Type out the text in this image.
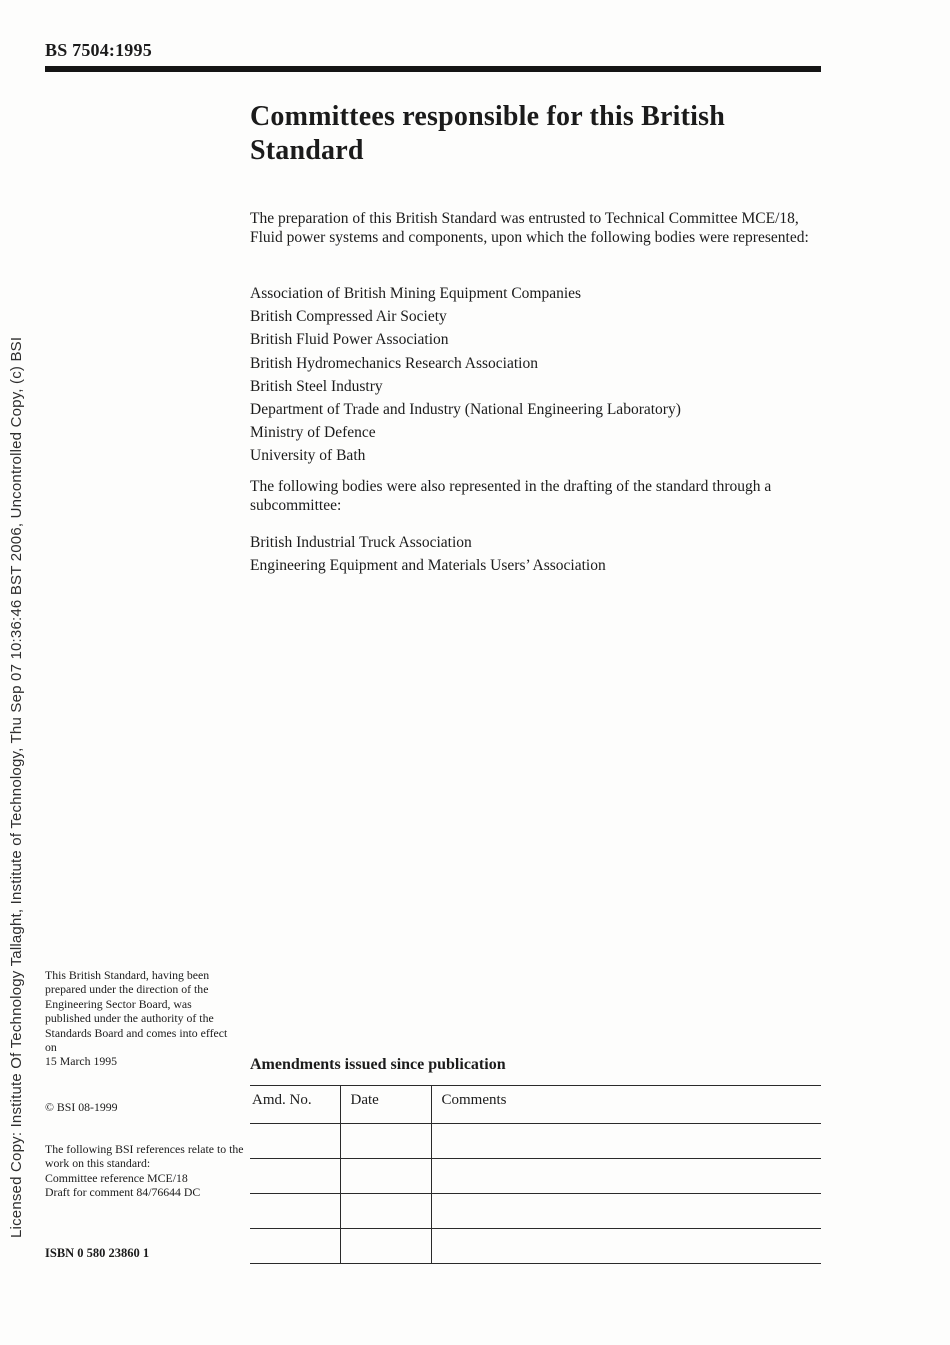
BS 7504:1995
Licensed Copy: Institute Of Technology Tallaght, Institute of Technology, Thu Sep 07 10:36:46 BST 2006, Uncontrolled Copy, (c) BSI
Committees responsible for this British Standard

The preparation of this British Standard was entrusted to Technical Committee MCE/18, Fluid power systems and components, upon which the following bodies were represented:

Association of British Mining Equipment Companies
British Compressed Air Society
British Fluid Power Association
British Hydromechanics Research Association
British Steel Industry
Department of Trade and Industry (National Engineering Laboratory)
Ministry of Defence
University of Bath

The following bodies were also represented in the drafting of the standard through a subcommittee:

British Industrial Truck Association
Engineering Equipment and Materials Users’ Association
This British Standard, having been prepared under the direction of the Engineering Sector Board, was published under the authority of the Standards Board and comes into effect on
15 March 1995
© BSI 08-1999
The following BSI references relate to the work on this standard:
Committee reference MCE/18
Draft for comment 84/76644 DC
ISBN 0 580 23860 1
Amendments issued since publication
Amd. No.	Date	Comments
